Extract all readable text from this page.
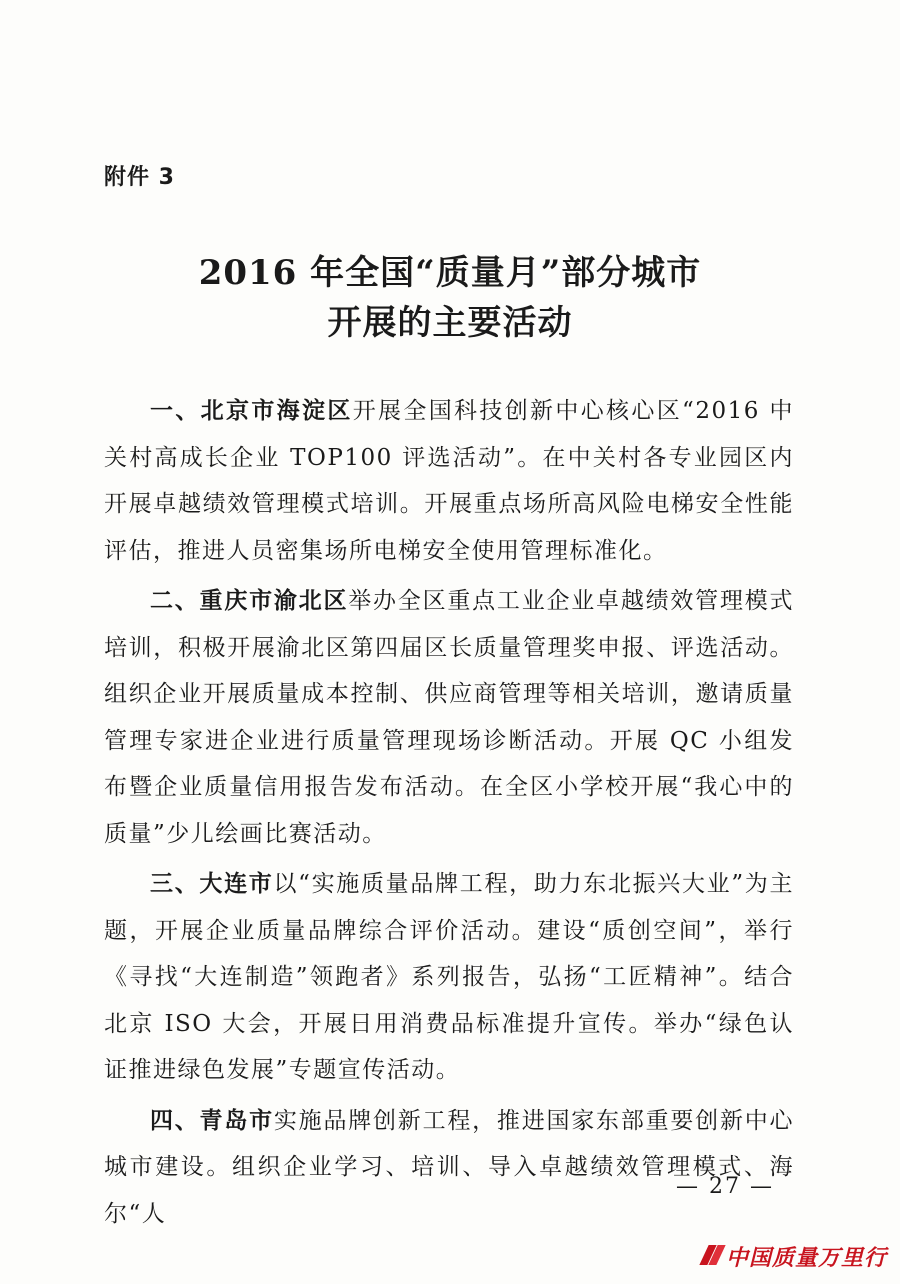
附件 3
2016 年全国“质量月”部分城市
开展的主要活动

一、北京市海淀区开展全国科技创新中心核心区“2016 中关村高成长企业 TOP100 评选活动”。在中关村各专业园区内开展卓越绩效管理模式培训。开展重点场所高风险电梯安全性能评估，推进人员密集场所电梯安全使用管理标准化。

二、重庆市渝北区举办全区重点工业企业卓越绩效管理模式培训，积极开展渝北区第四届区长质量管理奖申报、评选活动。组织企业开展质量成本控制、供应商管理等相关培训，邀请质量管理专家进企业进行质量管理现场诊断活动。开展 QC 小组发布暨企业质量信用报告发布活动。在全区小学校开展“我心中的质量”少儿绘画比赛活动。

三、大连市以“实施质量品牌工程，助力东北振兴大业”为主题，开展企业质量品牌综合评价活动。建设“质创空间”，举行《寻找“大连制造”领跑者》系列报告，弘扬“工匠精神”。结合北京 ISO 大会，开展日用消费品标准提升宣传。举办“绿色认证推进绿色发展”专题宣传活动。

四、青岛市实施品牌创新工程，推进国家东部重要创新中心城市建设。组织企业学习、培训、导入卓越绩效管理模式、海尔“人

— 27 —
中国质量万里行
